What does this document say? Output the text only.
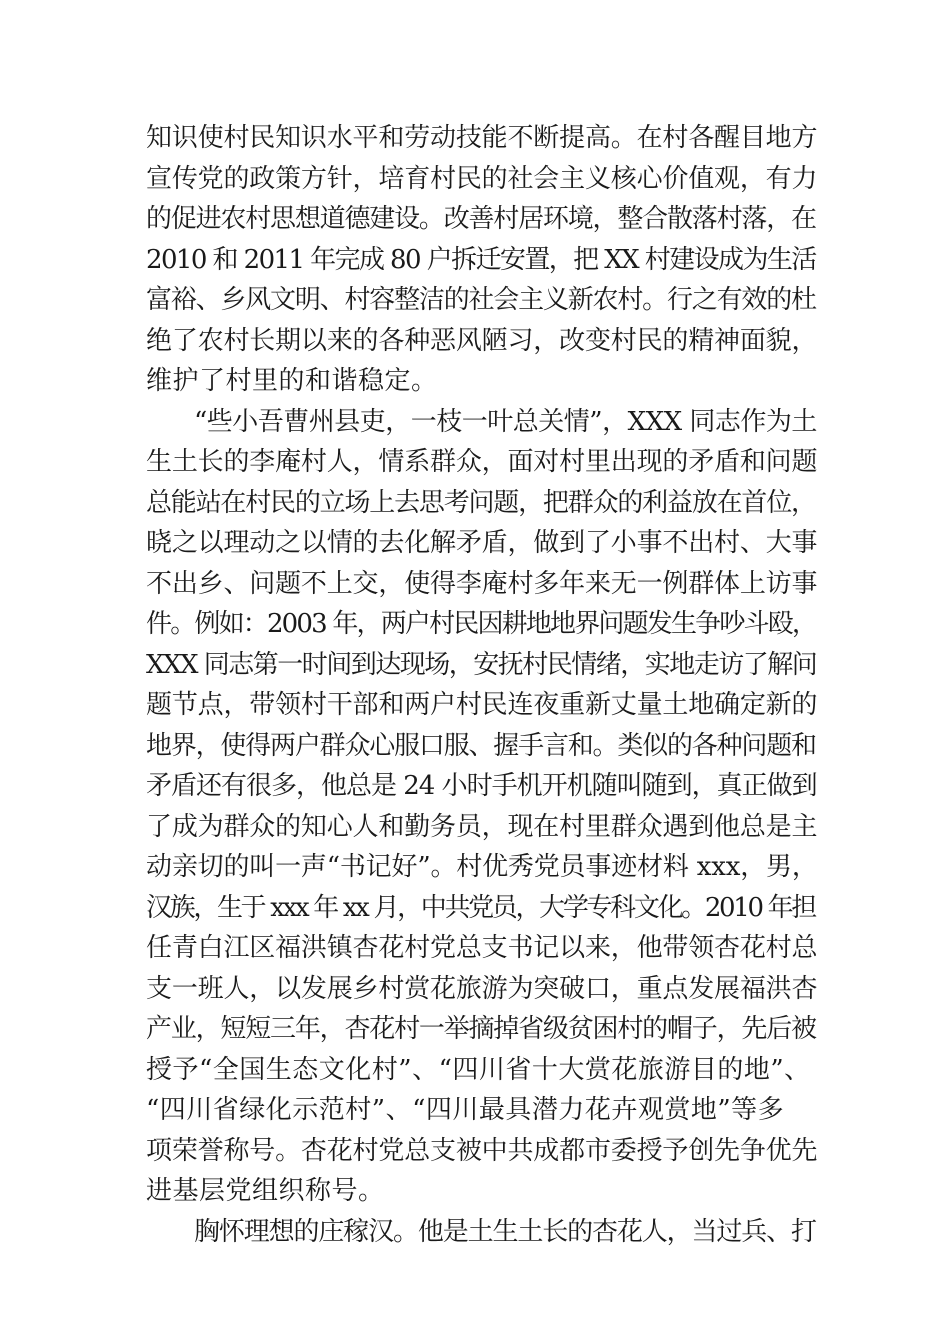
知识使村民知识水平和劳动技能不断提高。在村各醒目地方
宣传党的政策方针，培育村民的社会主义核心价值观，有力
的促进农村思想道德建设。改善村居环境，整合散落村落，在
2010 和 2011 年完成 80 户拆迁安置，把 XX 村建设成为生活
富裕、乡风文明、村容整洁的社会主义新农村。行之有效的杜
绝了农村长期以来的各种恶风陋习，改变村民的精神面貌，
维护了村里的和谐稳定。
“些小吾曹州县吏，一枝一叶总关情”，XXX 同志作为土
生土长的李庵村人，情系群众，面对村里出现的矛盾和问题
总能站在村民的立场上去思考问题，把群众的利益放在首位，
晓之以理动之以情的去化解矛盾，做到了小事不出村、大事
不出乡、问题不上交，使得李庵村多年来无一例群体上访事
件。例如：2003 年，两户村民因耕地地界问题发生争吵斗殴，
XXX 同志第一时间到达现场，安抚村民情绪，实地走访了解问
题节点，带领村干部和两户村民连夜重新丈量土地确定新的
地界，使得两户群众心服口服、握手言和。类似的各种问题和
矛盾还有很多，他总是 24 小时手机开机随叫随到，真正做到
了成为群众的知心人和勤务员，现在村里群众遇到他总是主
动亲切的叫一声“书记好”。村优秀党员事迹材料 xxx，男，
汉族，生于 xxx 年 xx 月，中共党员，大学专科文化。2010 年担
任青白江区福洪镇杏花村党总支书记以来，他带领杏花村总
支一班人，以发展乡村赏花旅游为突破口，重点发展福洪杏
产业，短短三年，杏花村一举摘掉省级贫困村的帽子，先后被
授予“全国生态文化村”、“四川省十大赏花旅游目的地”、
“四川省绿化示范村”、“四川最具潜力花卉观赏地”等多
项荣誉称号。杏花村党总支被中共成都市委授予创先争优先
进基层党组织称号。
胸怀理想的庄稼汉。他是土生土长的杏花人，当过兵、打
